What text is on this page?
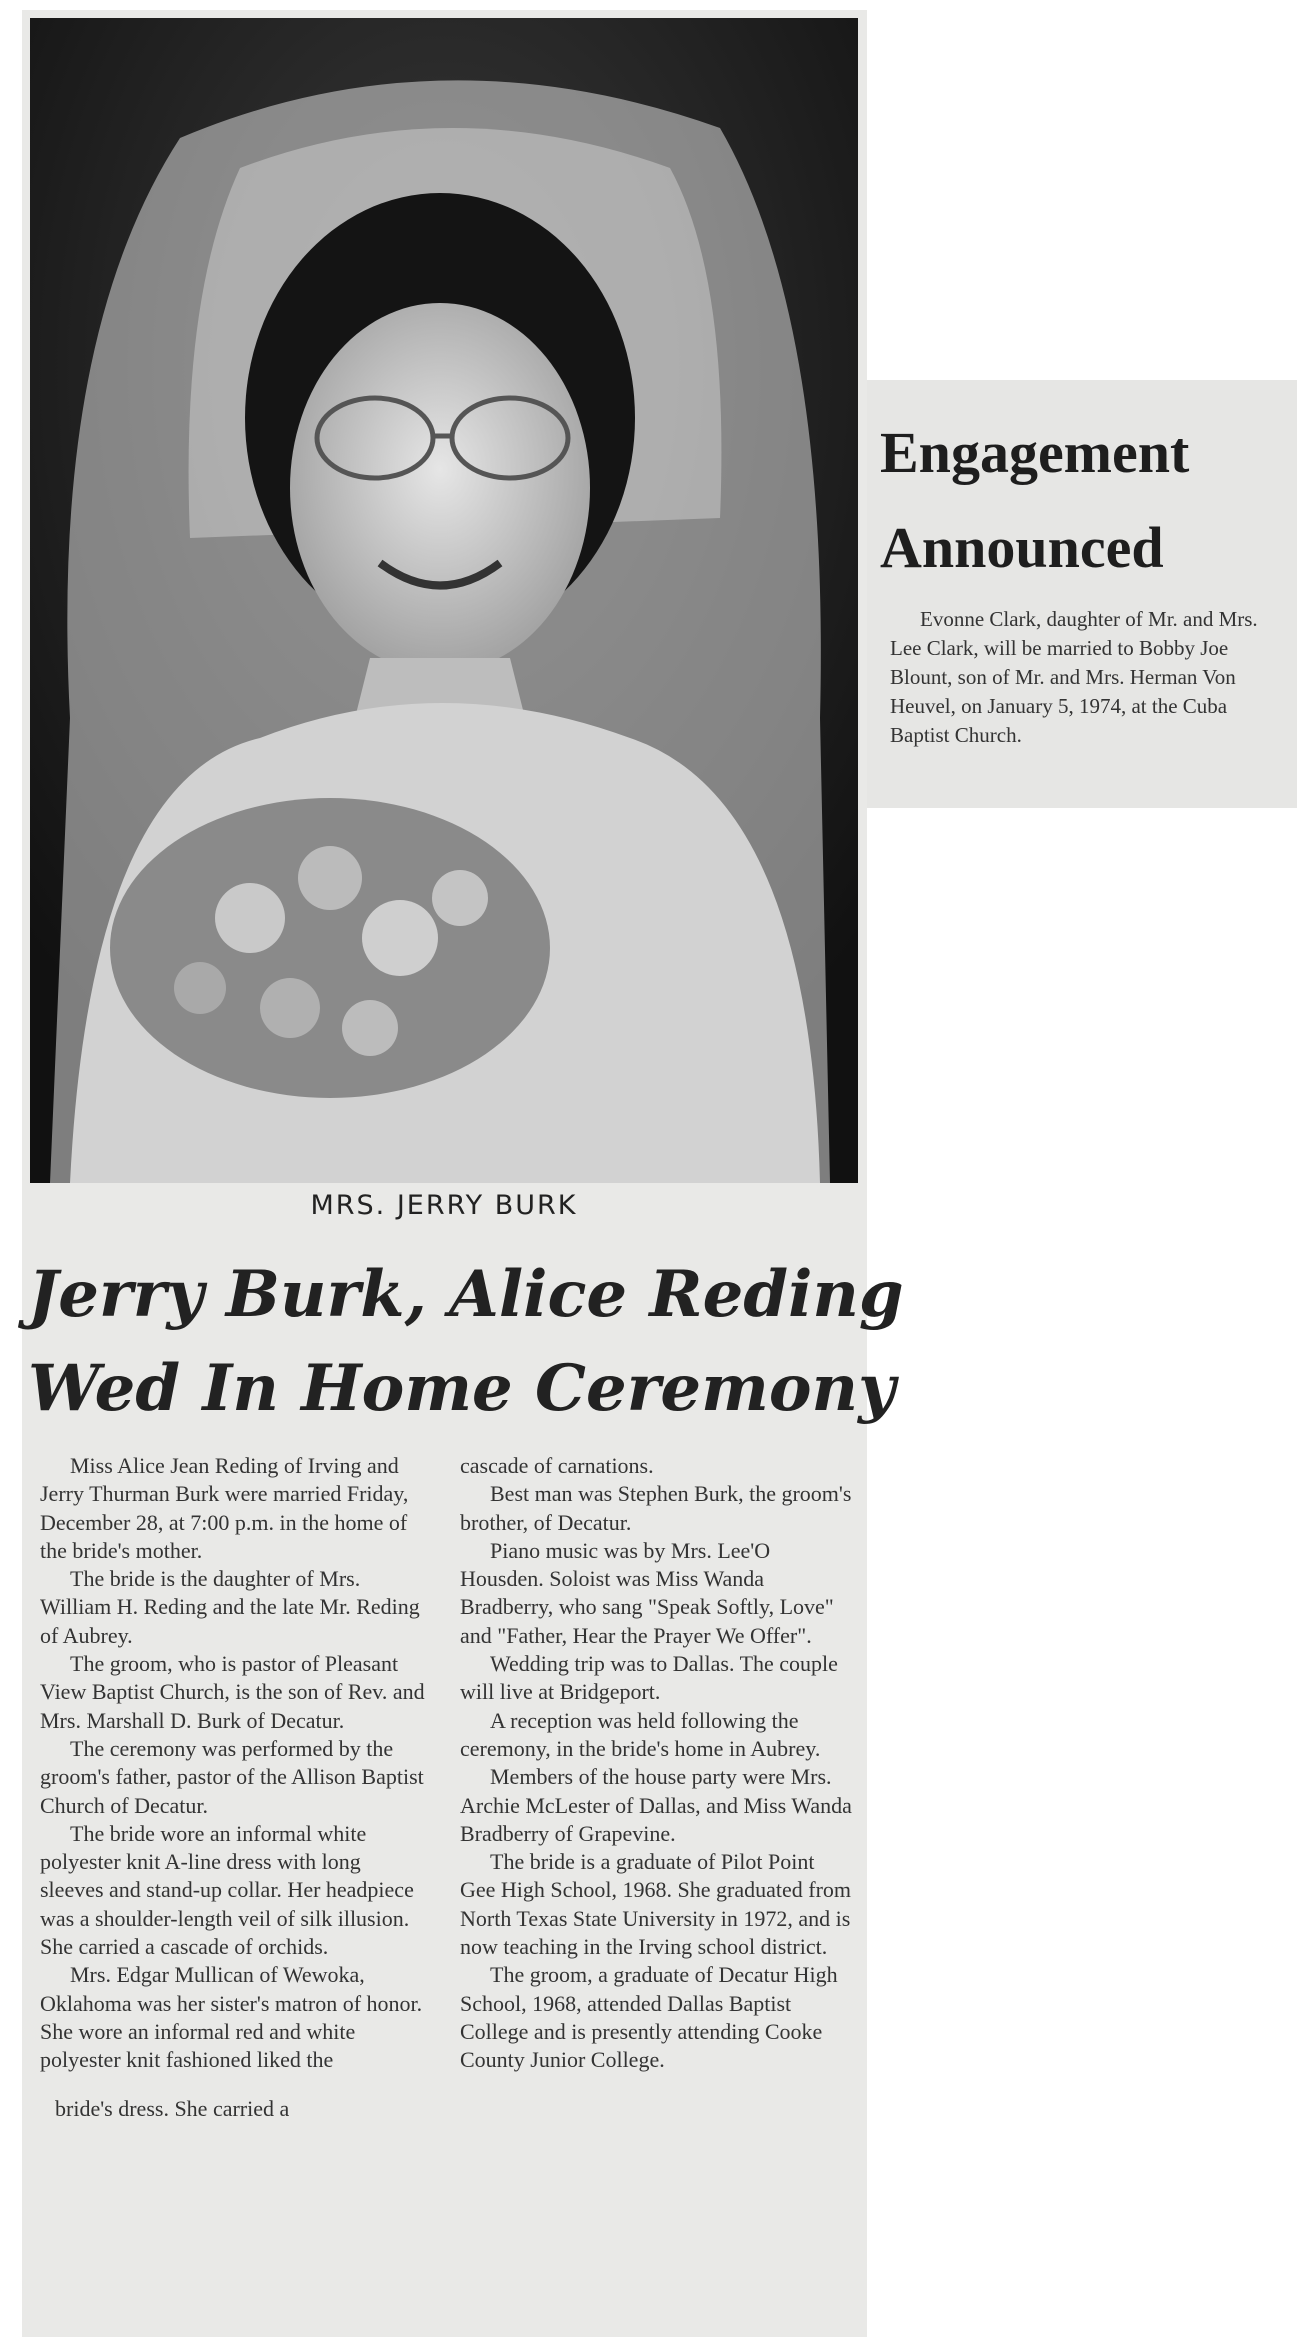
MRS. JERRY BURK
Jerry Burk, Alice Reding
Wed In Home Ceremony

Miss Alice Jean Reding of Irving and Jerry Thurman Burk were married Friday, December 28, at 7:00 p.m. in the home of the bride's mother.

The bride is the daughter of Mrs. William H. Reding and the late Mr. Reding of Aubrey.

The groom, who is pastor of Pleasant View Baptist Church, is the son of Rev. and Mrs. Marshall D. Burk of Decatur.

The ceremony was performed by the groom's father, pastor of the Allison Baptist Church of Decatur.

The bride wore an informal white polyester knit A-line dress with long sleeves and stand-up collar. Her headpiece was a shoulder-length veil of silk illusion. She carried a cascade of orchids.

Mrs. Edgar Mullican of Wewoka, Oklahoma was her sister's matron of honor. She wore an informal red and white polyester knit fashioned liked the

bride's dress. She carried a

cascade of carnations.

Best man was Stephen Burk, the groom's brother, of Decatur.

Piano music was by Mrs. Lee'O Housden. Soloist was Miss Wanda Bradberry, who sang "Speak Softly, Love" and "Father, Hear the Prayer We Offer".

Wedding trip was to Dallas. The couple will live at Bridgeport.

A reception was held following the ceremony, in the bride's home in Aubrey.

Members of the house party were Mrs. Archie McLester of Dallas, and Miss Wanda Bradberry of Grapevine.

The bride is a graduate of Pilot Point Gee High School, 1968. She graduated from North Texas State University in 1972, and is now teaching in the Irving school district.

The groom, a graduate of Decatur High School, 1968, attended Dallas Baptist College and is presently attending Cooke County Junior College.

Engagement
Announced

Evonne Clark, daughter of Mr. and Mrs. Lee Clark, will be married to Bobby Joe Blount, son of Mr. and Mrs. Herman Von Heuvel, on January 5, 1974, at the Cuba Baptist Church.
